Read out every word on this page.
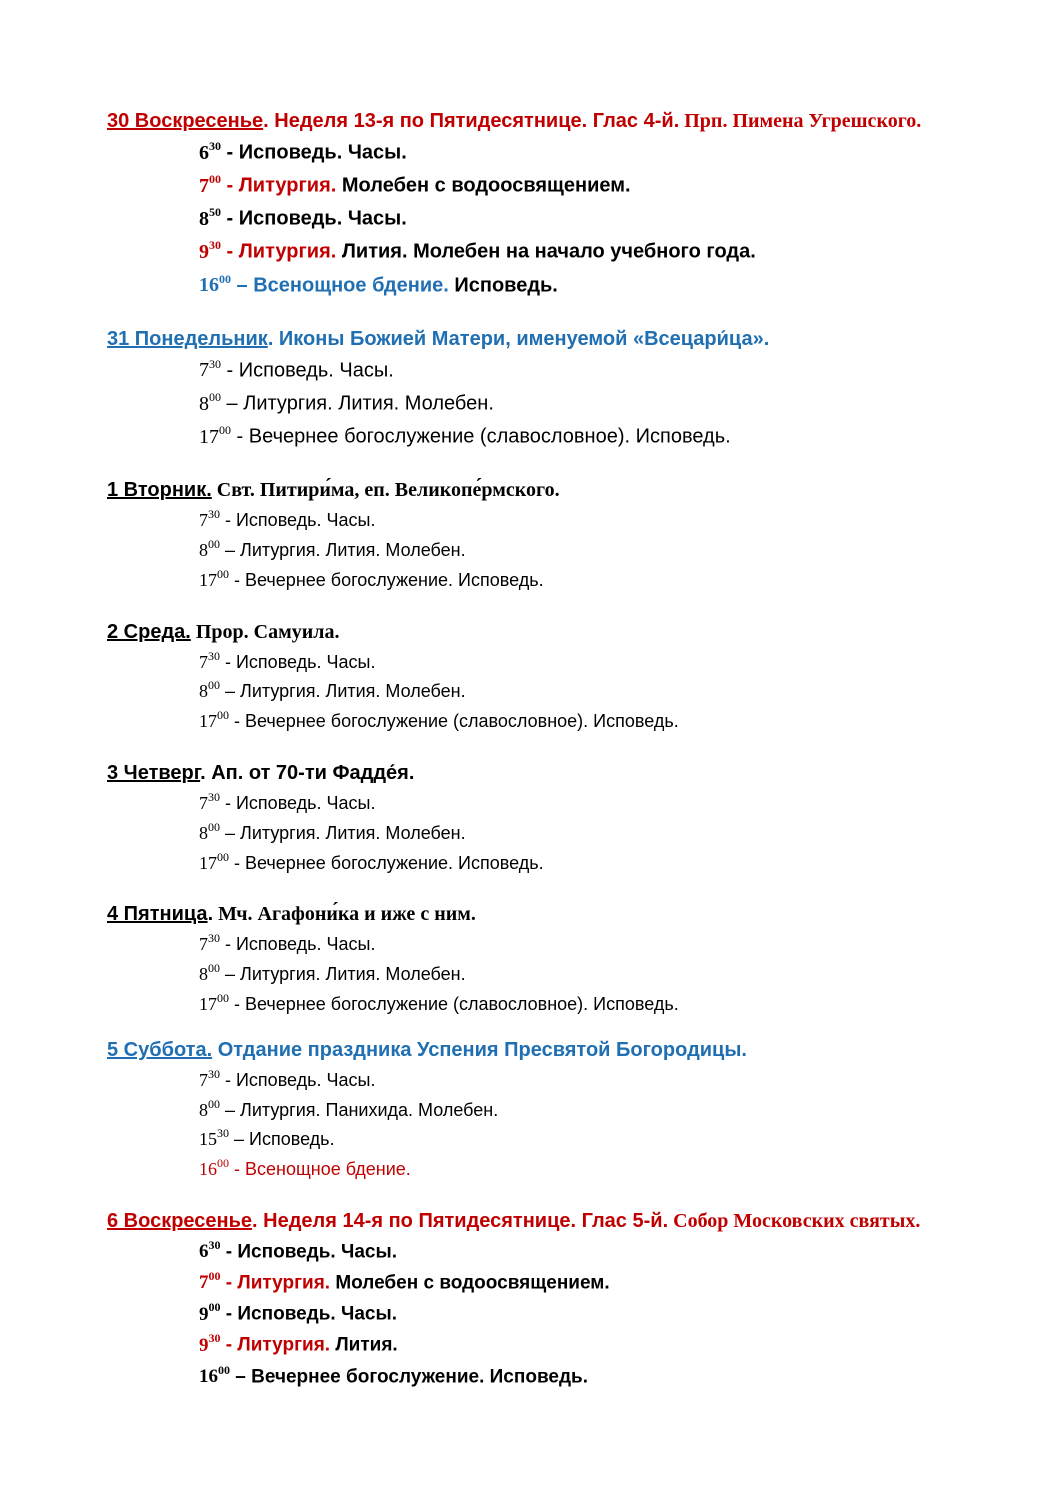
30 Воскресенье. Неделя 13-я по Пятидесятнице. Глас 4-й. Прп. Пимена Угрешского.
$6^{30}$ - Исповедь. Часы.
$7^{00}$ - Литургия. Молебен с водоосвящением.
$8^{50}$ - Исповедь. Часы.
$9^{30}$ - Литургия. Лития. Молебен на начало учебного года.
$16^{00}$ – Всенощное бдение. Исповедь.
31 Понедельник. Иконы Божией Матери, именуемой «Всецари́ца».
$7^{30}$ - Исповедь. Часы.
$8^{00}$ – Литургия. Лития. Молебен.
$17^{00}$ - Вечернее богослужение (славословное). Исповедь.
1 Вторник. Свт. Питири́ма, еп. Великопе́рмского.
$7^{30}$ - Исповедь. Часы.
$8^{00}$ – Литургия. Лития. Молебен.
$17^{00}$ - Вечернее богослужение. Исповедь.
2 Среда. Прор. Самуила.
$7^{30}$ - Исповедь. Часы.
$8^{00}$ – Литургия. Лития. Молебен.
$17^{00}$ - Вечернее богослужение (славословное). Исповедь.
3 Четверг. Ап. от 70-ти Фадде́я.
$7^{30}$ - Исповедь. Часы.
$8^{00}$ – Литургия. Лития. Молебен.
$17^{00}$ - Вечернее богослужение. Исповедь.
4 Пятница. Мч. Агафони́ка и иже с ним.
$7^{30}$ - Исповедь. Часы.
$8^{00}$ – Литургия. Лития. Молебен.
$17^{00}$ - Вечернее богослужение (славословное). Исповедь.
5 Суббота. Отдание праздника Успения Пресвятой Богородицы.
$7^{30}$ - Исповедь. Часы.
$8^{00}$ – Литургия. Панихида. Молебен.
$15^{30}$ – Исповедь.
$16^{00}$ - Всенощное бдение.
6 Воскресенье. Неделя 14-я по Пятидесятнице. Глас 5-й. Собор Московских святых.
$6^{30}$ - Исповедь. Часы.
$7^{00}$ - Литургия. Молебен с водоосвящением.
$9^{00}$ - Исповедь. Часы.
$9^{30}$ - Литургия. Лития.
$16^{00}$ – Вечернее богослужение. Исповедь.
